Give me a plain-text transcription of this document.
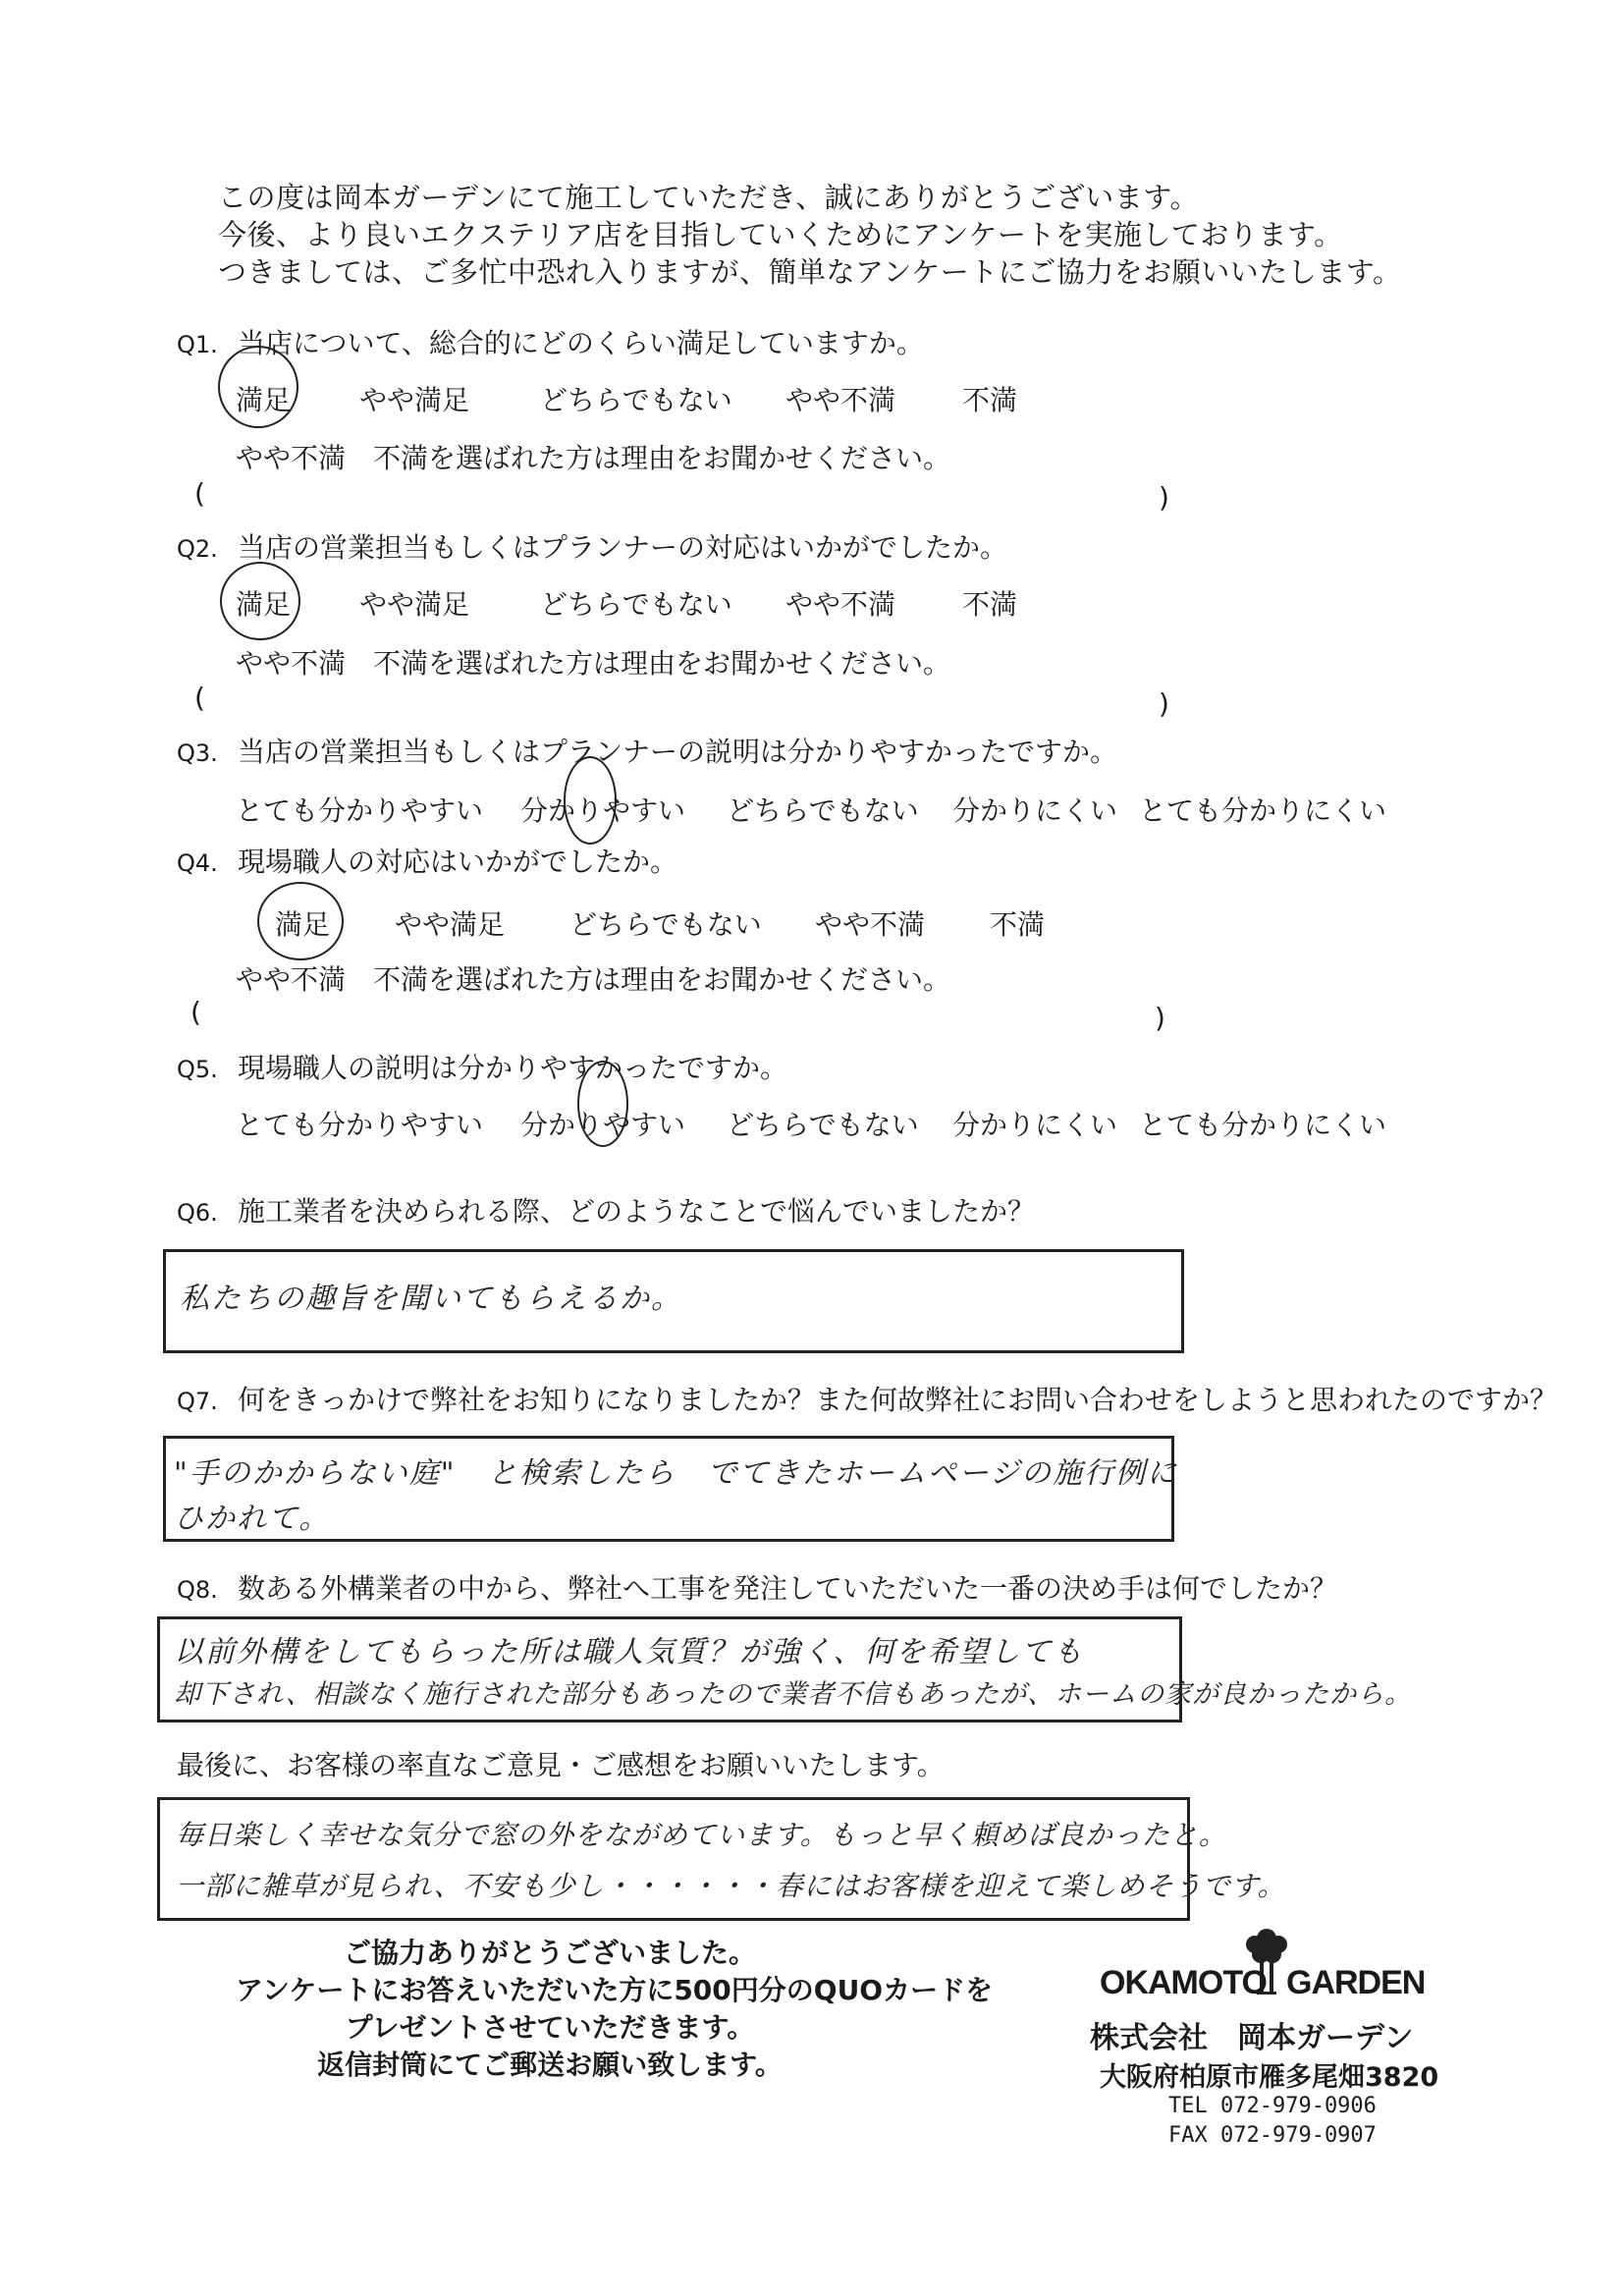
この度は岡本ガーデンにて施工していただき、誠にありがとうございます。
今後、より良いエクステリア店を目指していくためにアンケートを実施しております。
つきましては、ご多忙中恐れ入りますが、簡単なアンケートにご協力をお願いいたします。
Q1. 当店について、総合的にどのくらい満足していますか。
満足 やや満足	どちらでもない やや不満 不満
やや不満　不満を選ばれた方は理由をお聞かせください。
(	)
Q2. 当店の営業担当もしくはプランナーの対応はいかがでしたか。
満足 やや満足	どちらでもない やや不満 不満
やや不満　不満を選ばれた方は理由をお聞かせください。
(	)
Q3. 当店の営業担当もしくはプランナーの説明は分かりやすかったですか。
とても分かりやすい 分かりやすい どちらでもない 分かりにくい とても分かりにくい
Q4. 現場職人の対応はいかがでしたか。
満足 やや満足 どちらでもない やや不満 不満
やや不満　不満を選ばれた方は理由をお聞かせください。
(	)
Q5. 現場職人の説明は分かりやすかったですか。
とても分かりやすい 分かりやすい どちらでもない 分かりにくい とても分かりにくい
Q6. 施工業者を決められる際、どのようなことで悩んでいましたか？
私たちの趣旨を聞いてもらえるか。
Q7. 何をきっかけで弊社をお知りになりましたか？また何故弊社にお問い合わせをしようと思われたのですか？
"手のかからない庭"　と検索したら　でてきたホームページの施行例に
ひかれて。
Q8. 数ある外構業者の中から、弊社へ工事を発注していただいた一番の決め手は何でしたか？
以前外構をしてもらった所は職人気質？が強く、何を希望しても
却下され、相談なく施行された部分もあったので業者不信もあったが、ホームの家が良かったから。
最後に、お客様の率直なご意見・ご感想をお願いいたします。
毎日楽しく幸せな気分で窓の外をながめています。もっと早く頼めば良かったと。
一部に雑草が見られ、不安も少し・・・・・・春にはお客様を迎えて楽しめそうです。
ご協力ありがとうございました。
アンケートにお答えいただいた方に500円分のQUOカードを
プレゼントさせていただきます。
返信封筒にてご郵送お願い致します。
OKAMOTO GARDEN
株式会社　岡本ガーデン
大阪府柏原市雁多尾畑3820
TEL 072-979-0906
FAX 072-979-0907
